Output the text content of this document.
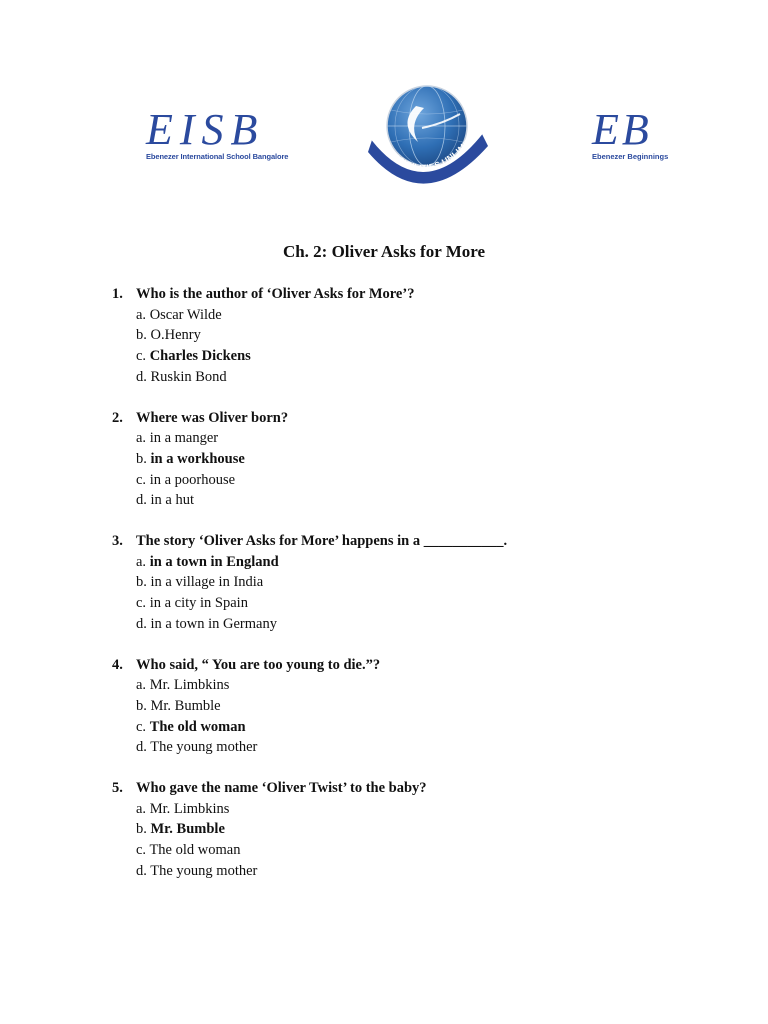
EISB
Ebenezer International School Bangalore
POSSIBILITIES UNLIMITE	EB
Ebenezer Beginnings
Ch. 2: Oliver Asks for More
1. Who is the author of ‘Oliver Asks for More’?
a. Oscar Wilde
b. O.Henry
c. Charles Dickens
d. Ruskin Bond
2. Where was Oliver born?
a. in a manger
b. in a workhouse
c. in a poorhouse
d. in a hut
3. The story ‘Oliver Asks for More’ happens in a ___________.
a. in a town in England
b. in a village in India
c. in a city in Spain
d. in a town in Germany
4. Who said, “ You are too young to die.”?
a. Mr. Limbkins
b. Mr. Bumble
c. The old woman
d. The young mother
5. Who gave the name ‘Oliver Twist’ to the baby?
a. Mr. Limbkins
b. Mr. Bumble
c. The old woman
d. The young mother
